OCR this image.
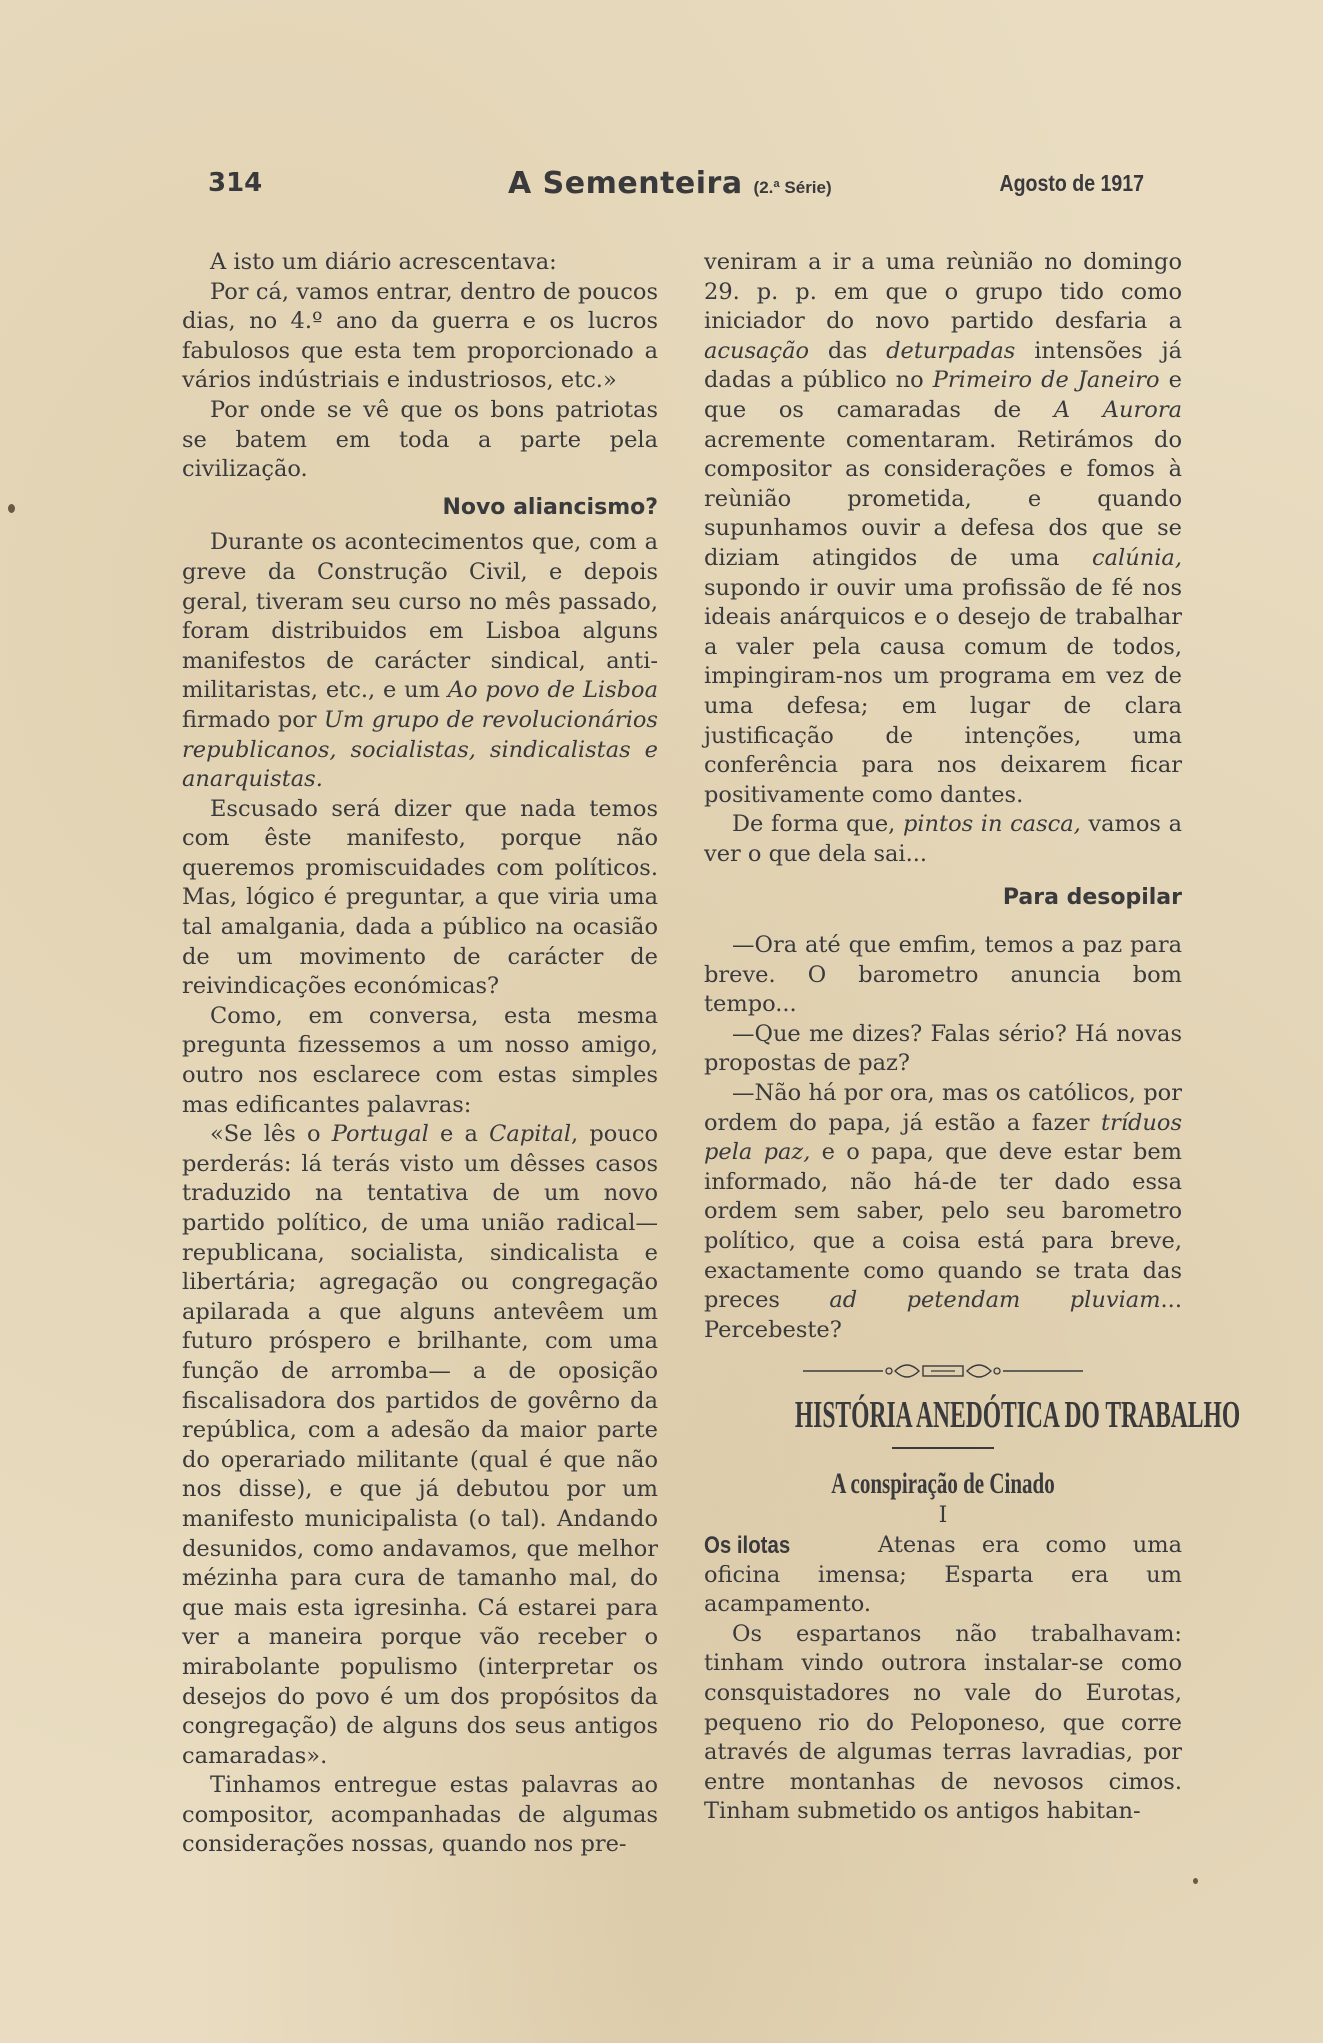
314	A Sementeira (2.ª Série)	Agosto de 1917

A isto um diário acrescentava:

Por cá, vamos entrar, dentro de poucos dias, no 4.º ano da guerra e os lucros fabulosos que esta tem proporcionado a vários indústriais e industriosos, etc.»

Por onde se vê que os bons patriotas se batem em toda a parte pela civilização.

Novo aliancismo?

Durante os acontecimentos que, com a greve da Construção Civil, e depois geral, tiveram seu curso no mês passado, foram distribuidos em Lisboa alguns manifestos de carácter sindical, anti-militaristas, etc., e um Ao povo de Lisboa firmado por Um grupo de revolucionários republicanos, socialistas, sindicalistas e anarquistas.

Escusado será dizer que nada temos com êste manifesto, porque não queremos promiscuidades com políticos. Mas, lógico é preguntar, a que viria uma tal amalgania, dada a público na ocasião de um movimento de carácter de reivindicações económicas?

Como, em conversa, esta mesma pregunta fizessemos a um nosso amigo, outro nos esclarece com estas simples mas edificantes palavras:

«Se lês o Portugal e a Capital, pouco perderás: lá terás visto um dêsses casos traduzido na tentativa de um novo partido político, de uma união radical—republicana, socialista, sindicalista e libertária; agregação ou congregação apilarada a que alguns antevêem um futuro próspero e brilhante, com uma função de arromba— a de oposição fiscalisadora dos partidos de govêrno da república, com a adesão da maior parte do operariado militante (qual é que não nos disse), e que já debutou por um manifesto municipalista (o tal). Andando desunidos, como andavamos, que melhor mézinha para cura de tamanho mal, do que mais esta igresinha. Cá estarei para ver a maneira porque vão receber o mirabolante populismo (interpretar os desejos do povo é um dos propósitos da congregação) de alguns dos seus antigos camaradas».

Tinhamos entregue estas palavras ao compositor, acompanhadas de algumas considerações nossas, quando nos pre-

veniram a ir a uma reùnião no domingo 29. p. p. em que o grupo tido como iniciador do novo partido desfaria a acusação das deturpadas intensões já dadas a público no Primeiro de Janeiro e que os camaradas de A Aurora acremente comentaram. Retirámos do compositor as considerações e fomos à reùnião prometida, e quando supunhamos ouvir a defesa dos que se diziam atingidos de uma calúnia, supondo ir ouvir uma profissão de fé nos ideais anárquicos e o desejo de trabalhar a valer pela causa comum de todos, impingiram-nos um programa em vez de uma defesa; em lugar de clara justificação de intenções, uma conferência para nos deixarem ficar positivamente como dantes.

De forma que, pintos in casca, vamos a ver o que dela sai...

Para desopilar

—Ora até que emfim, temos a paz para breve. O barometro anuncia bom tempo...

—Que me dizes? Falas sério? Há novas propostas de paz?

—Não há por ora, mas os católicos, por ordem do papa, já estão a fazer tríduos pela paz, e o papa, que deve estar bem informado, não há-de ter dado essa ordem sem saber, pelo seu barometro político, que a coisa está para breve, exactamente como quando se trata das preces ad petendam pluviam... Percebeste?

HISTÓRIA ANEDÓTICA DO TRABALHO
A conspiração de Cinado

I

Os ilotas	Atenas era como uma oficina imensa; Esparta era um acampamento.

Os espartanos não trabalhavam: tinham vindo outrora instalar-se como consquistadores no vale do Eurotas, pequeno rio do Peloponeso, que corre através de algumas terras lavradias, por entre montanhas de nevosos cimos. Tinham submetido os antigos habitan-
